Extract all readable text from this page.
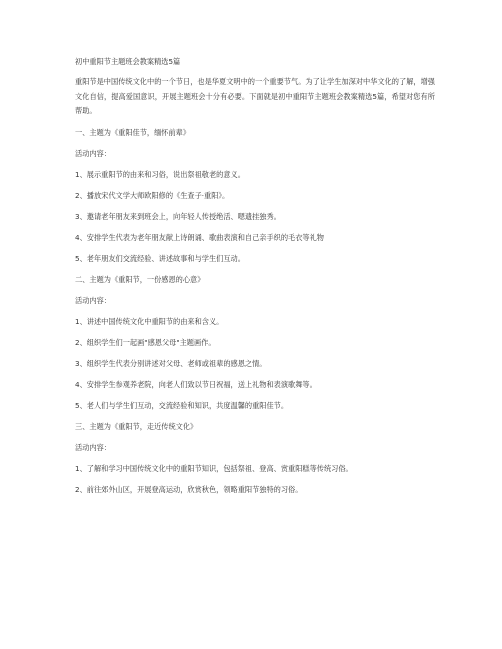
初中重阳节主题班会教案精选5篇
重阳节是中国传统文化中的一个节日，也是华夏文明中的一个重要节气。为了让学生加深对中华文化的了解，增强文化自信，提高爱国意识，开展主题班会十分有必要。下面就是初中重阳节主题班会教案精选5篇，希望对您有所帮助。
一、主题为《重阳佳节，缅怀前辈》
活动内容：
1、展示重阳节的由来和习俗，说出祭祖敬老的意义。
2、播放宋代文学大师欧阳修的《生查子·重阳》。
3、邀请老年朋友来到班会上，向年轻人传授绝活、嗯遗挂独秀。
4、安排学生代表为老年朋友献上诗朗诵、歌曲表演和自己亲手织的毛衣等礼物
5、老年朋友们交流经验、讲述故事和与学生们互动。
二、主题为《重阳节，一份感恩的心意》
活动内容：
1、讲述中国传统文化中重阳节的由来和含义。
2、组织学生们一起画"感恩父母"主题画作。
3、组织学生代表分别讲述对父母、老师或祖辈的感恩之情。
4、安排学生参观养老院，向老人们致以节日祝福，送上礼物和表演歌舞等。
5、老人们与学生们互动，交流经验和知识，共度温馨的重阳佳节。
三、主题为《重阳节，走近传统文化》
活动内容：
1、了解和学习中国传统文化中的重阳节知识，包括祭祖、登高、赏重阳糕等传统习俗。
2、前往郊外山区，开展登高运动，欣赏秋色，领略重阳节独特的习俗。
